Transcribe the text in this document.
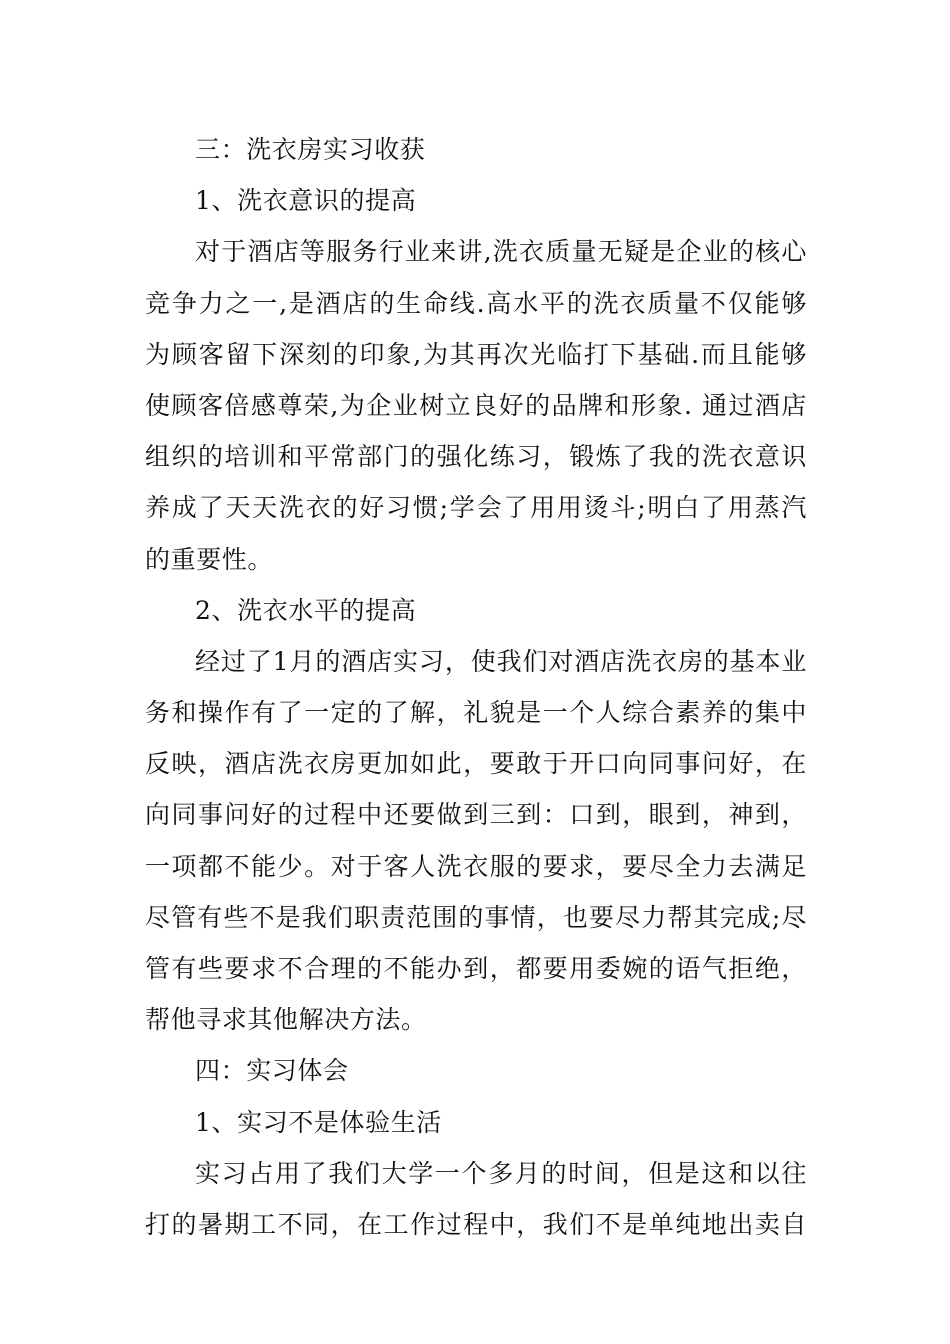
三：洗衣房实习收获
1、洗衣意识的提高
对于酒店等服务行业来讲,洗衣质量无疑是企业的核心
竞争力之一,是酒店的生命线.高水平的洗衣质量不仅能够
为顾客留下深刻的印象,为其再次光临打下基础.而且能够
使顾客倍感尊荣,为企业树立良好的品牌和形象. 通过酒店
组织的培训和平常部门的强化练习，锻炼了我的洗衣意识
养成了天天洗衣的好习惯;学会了用用烫斗;明白了用蒸汽
的重要性。
2、洗衣水平的提高
经过了1月的酒店实习，使我们对酒店洗衣房的基本业
务和操作有了一定的了解，礼貌是一个人综合素养的集中
反映，酒店洗衣房更加如此，要敢于开口向同事问好，在
向同事问好的过程中还要做到三到：口到，眼到，神到，
一项都不能少。对于客人洗衣服的要求，要尽全力去满足
尽管有些不是我们职责范围的事情，也要尽力帮其完成;尽
管有些要求不合理的不能办到，都要用委婉的语气拒绝，
帮他寻求其他解决方法。
四：实习体会
1、实习不是体验生活
实习占用了我们大学一个多月的时间，但是这和以往
打的暑期工不同，在工作过程中，我们不是单纯地出卖自
